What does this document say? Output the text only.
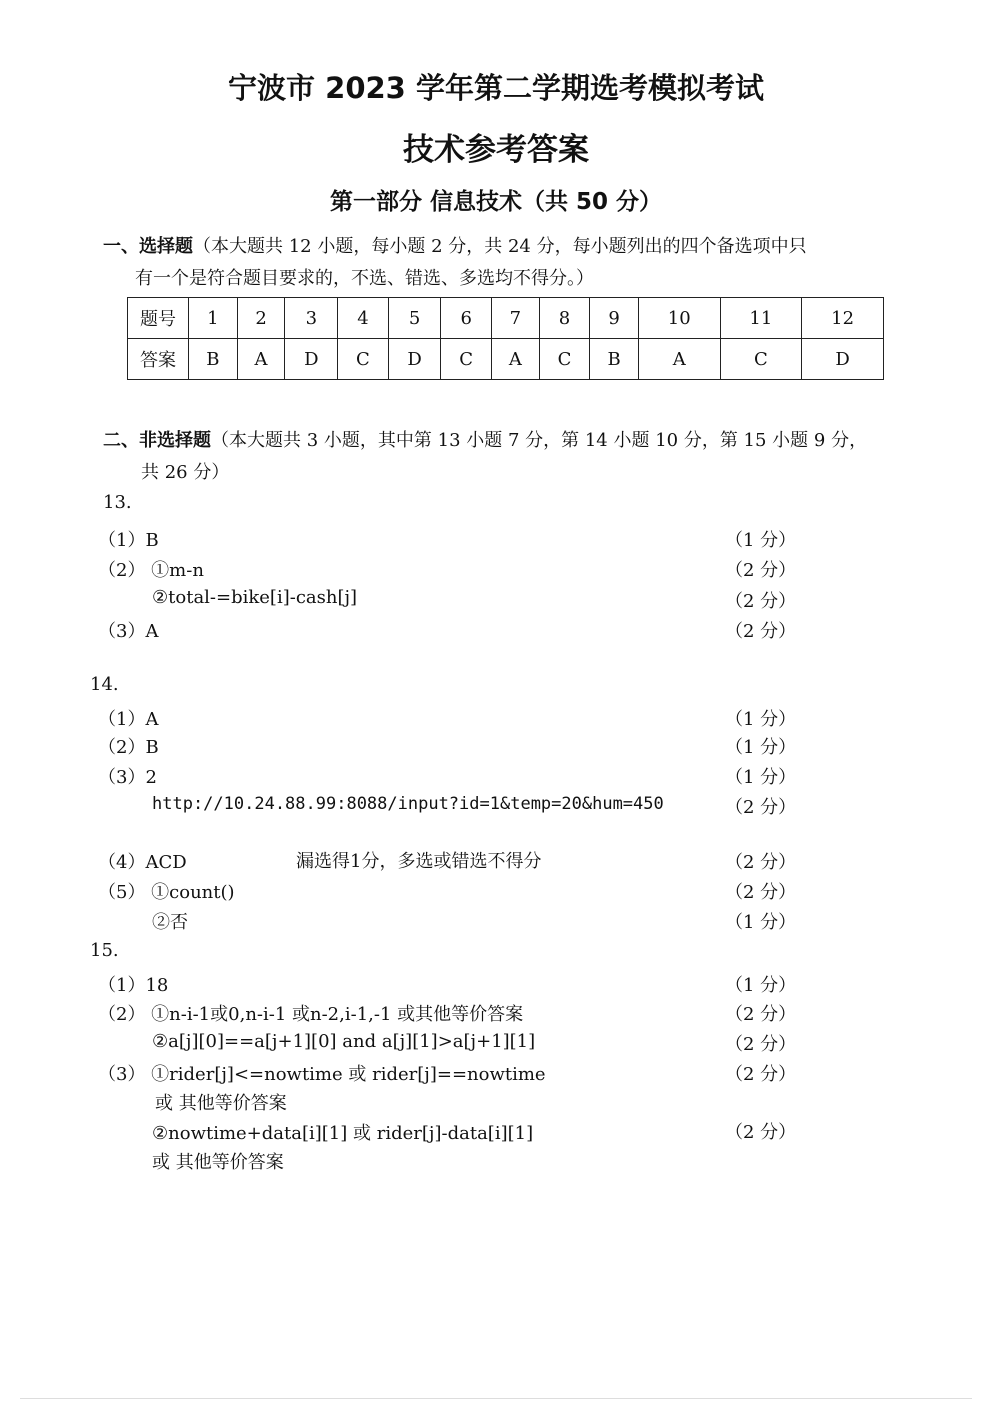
宁波市 2023 学年第二学期选考模拟考试
技术参考答案
第一部分 信息技术（共 50 分）
一、选择题（本大题共 12 小题，每小题 2 分，共 24 分，每小题列出的四个备选项中只
有一个是符合题目要求的，不选、错选、多选均不得分。）
题号	1	2	3	4	5	6	7	8	9	10	11	12
答案	B	A	D	C	D	C	A	C	B	A	C	D
二、非选择题（本大题共 3 小题，其中第 13 小题 7 分，第 14 小题 10 分，第 15 小题 9 分，
共 26 分）
13.
（1）B	（1 分）
（2） ①m-n	（2 分）
②total-=bike[i]-cash[j]	（2 分）
（3）A	（2 分）
14.
（1）A	（1 分）
（2）B	（1 分）
（3）2	（1 分）
http://10.24.88.99:8088/input?id=1&temp=20&hum=450	（2 分）
（4）ACD	漏选得1分，多选或错选不得分	（2 分）
（5） ①count()	（2 分）
②否	（1 分）
15.
（1）18	（1 分）
（2） ①n-i-1或0,n-i-1 或n-2,i-1,-1 或其他等价答案	（2 分）
②a[j][0]==a[j+1][0] and a[j][1]>a[j+1][1]	（2 分）
（3） ①rider[j]<=nowtime 或 rider[j]==nowtime	（2 分）
或 其他等价答案
②nowtime+data[i][1] 或 rider[j]-data[i][1]	（2 分）
或 其他等价答案
